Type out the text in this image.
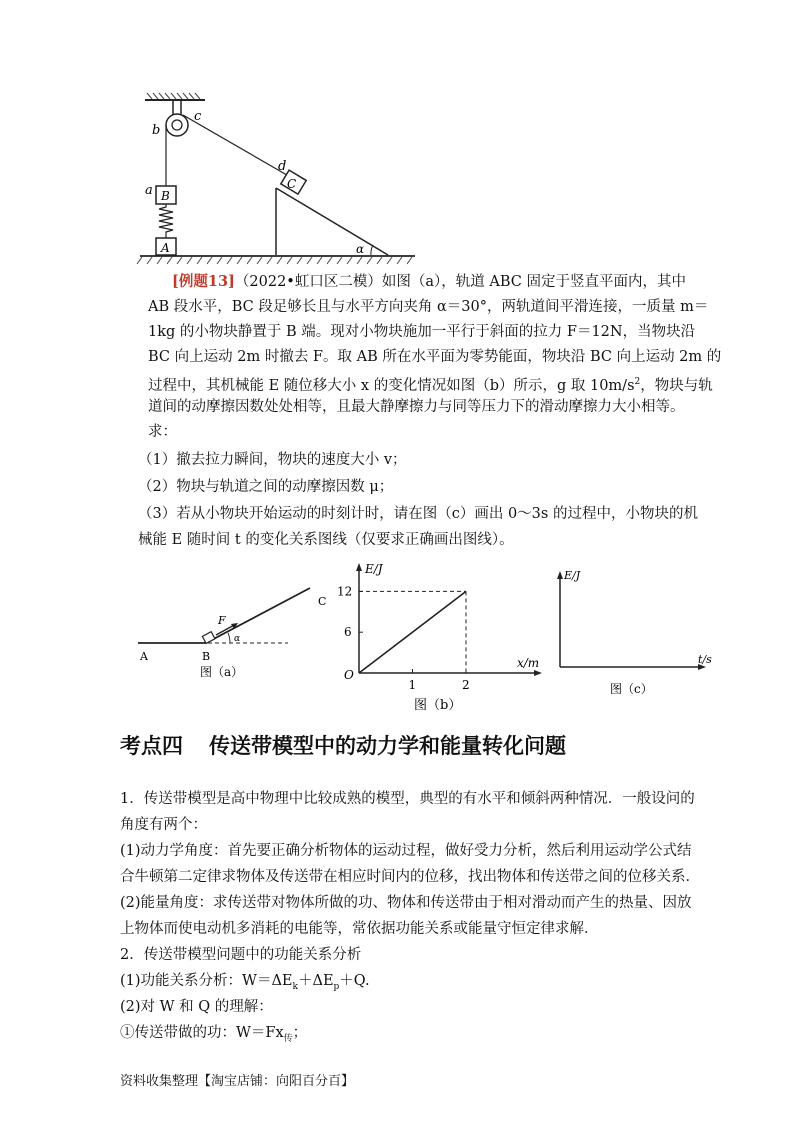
b
c
a
d
B
C
A	α
[例题13]（2022•虹口区二模）如图（a），轨道 ABC 固定于竖直平面内，其中
AB 段水平，BC 段足够长且与水平方向夹角 α＝30°，两轨道间平滑连接，一质量 m＝
1kg 的小物块静置于 B 端。现对小物块施加一平行于斜面的拉力 F＝12N，当物块沿
BC 向上运动 2m 时撤去 F。取 AB 所在水平面为零势能面，物块沿 BC 向上运动 2m 的
过程中，其机械能 E 随位移大小 x 的变化情况如图（b）所示，g 取 $10m/s^2$，物块与轨
道间的动摩擦因数处处相等，且最大静摩擦力与同等压力下的滑动摩擦力大小相等。
求：
（1）撤去拉力瞬间，物块的速度大小 v；
（2）物块与轨道之间的动摩擦因数 μ；
（3）若从小物块开始运动的时刻计时，请在图（c）画出 0～3s 的过程中，小物块的机
械能 E 随时间 t 的变化关系图线（仅要求正确画出图线）。
A	B
C
F
α
图（a）
1	2
6
12
E/J
x/m
O
图（b）
E/J
t/s
图（c）
考点四 传送带模型中的动力学和能量转化问题
1．传送带模型是高中物理中比较成熟的模型，典型的有水平和倾斜两种情况．一般设问的
角度有两个：
(1)动力学角度：首先要正确分析物体的运动过程，做好受力分析，然后利用运动学公式结
合牛顿第二定律求物体及传送带在相应时间内的位移，找出物体和传送带之间的位移关系．
(2)能量角度：求传送带对物体所做的功、物体和传送带由于相对滑动而产生的热量、因放
上物体而使电动机多消耗的电能等，常依据功能关系或能量守恒定律求解．
2．传送带模型问题中的功能关系分析
(1)功能关系分析：$W=\Delta E_k+\Delta E_p+Q$.
(2)对 W 和 Q 的理解：
①传送带做的功：$W=Fx_传$；
资料收集整理【淘宝店铺：向阳百分百】
